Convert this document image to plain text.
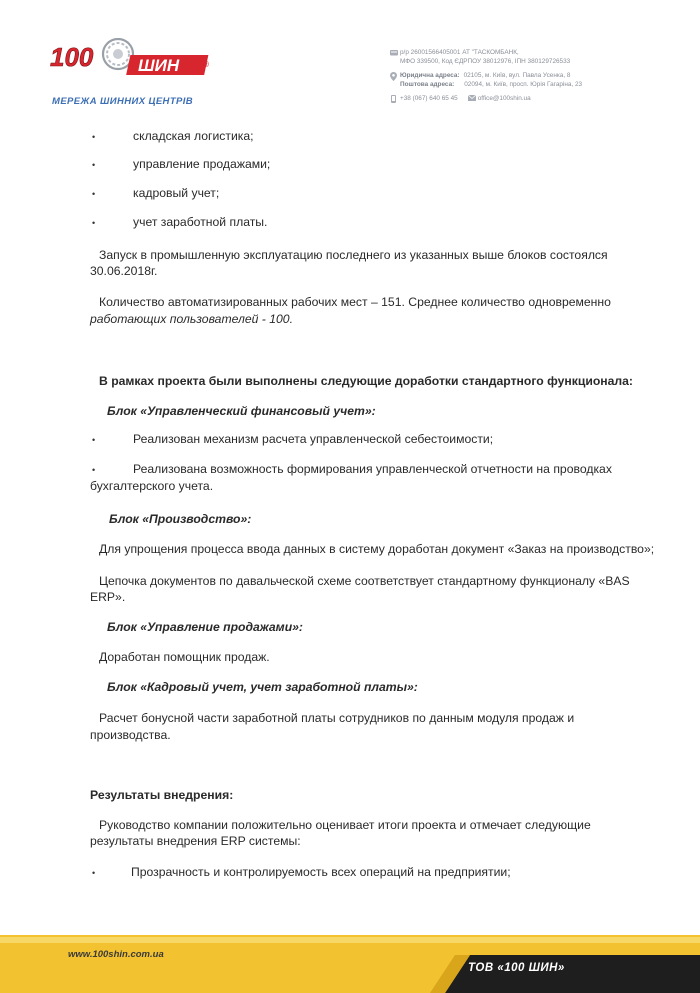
100	ШИН	®
МЕРЕЖА ШИННИХ ЦЕНТРІВ
р/р 26001566405001 АТ "ТАСКОМБАНК,
МФО 339500, Код ЄДРПОУ 38012976, ІПН 380129726533
Юридична адреса: 02105, м. Київ, вул. Павла Усенка, 8
Поштова адреса: 02094, м. Київ, просп. Юрія Гагаріна, 23
+38 (067) 640 65 45	office@100shin.ua
•	складская логистика;
•	управление продажами;
•	кадровый учет;
•	учет заработной платы.
Запуск в промышленную эксплуатацию последнего из указанных выше блоков состоялся
30.06.2018г.
Количество автоматизированных рабочих мест – 151. Среднее количество одновременно
работающих пользователей - 100.
В рамках проекта были выполнены следующие доработки стандартного функционала:
Блок «Управленческий финансовый учет»:
•	Реализован механизм расчета управленческой себестоимости;
•	Реализована возможность формирования управленческой отчетности на проводках
бухгалтерского учета.
Блок «Производство»:
Для упрощения процесса ввода данных в систему доработан документ «Заказ на производство»;
Цепочка документов по давальческой схеме соответствует стандартному функционалу «BAS
ERP».
Блок «Управление продажами»:
Доработан помощник продаж.
Блок «Кадровый учет, учет заработной платы»:
Расчет бонусной части заработной платы сотрудников по данным модуля продаж и
производства.
Результаты внедрения:
Руководство компании положительно оценивает итоги проекта и отмечает следующие
результаты внедрения ERP системы:
•	Прозрачность и контролируемость всех операций на предприятии;
www.100shin.com.ua
ТОВ «100 ШИН»
